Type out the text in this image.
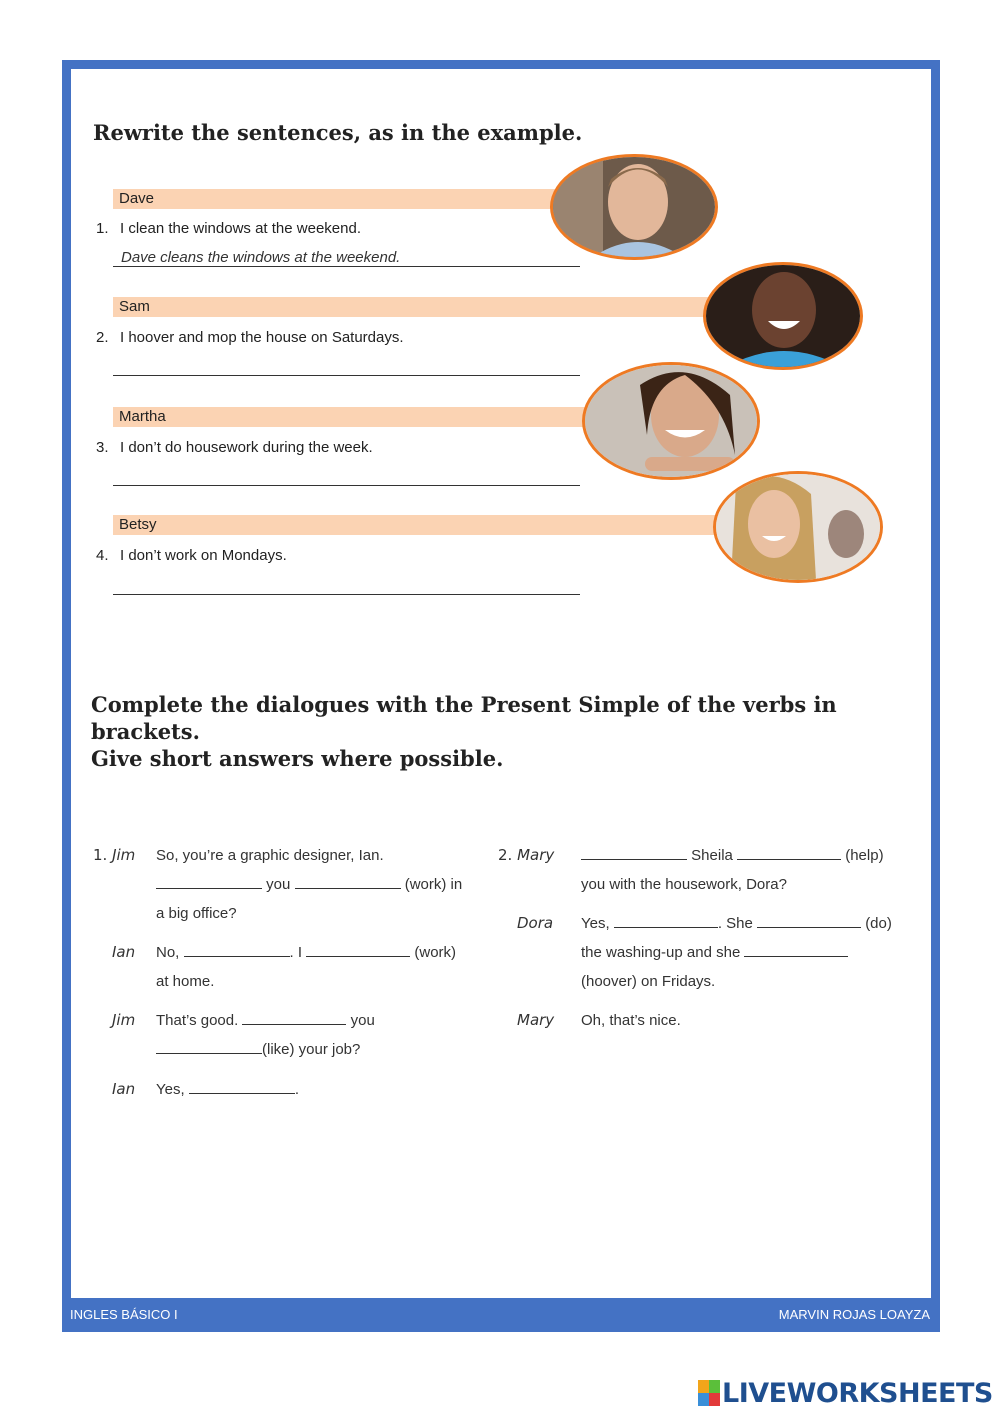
Rewrite the sentences, as in the example.
Dave
1. I clean the windows at the weekend.
Dave cleans the windows at the weekend.
Sam
2. I hoover and mop the house on Saturdays.
Martha
3. I don’t do housework during the week.
Betsy
4. I don’t work on Mondays.
Complete the dialogues with the Present Simple of the verbs in brackets.
Give short answers where possible.
1. Jim So, you’re a graphic designer, Ian.
you	(work) in
a big office?
Ian No,	. I	(work)
at home.
Jim That’s good.	you
(like) your job?
Ian Yes,	.
2. Mary	Sheila	(help)
you with the housework, Dora?
Dora Yes,	. She	(do)
the washing-up and she
(hoover) on Fridays.
Mary Oh, that’s nice.
INGLES BÁSICO I	MARVIN ROJAS LOAYZA
LIVEWORKSHEETS
